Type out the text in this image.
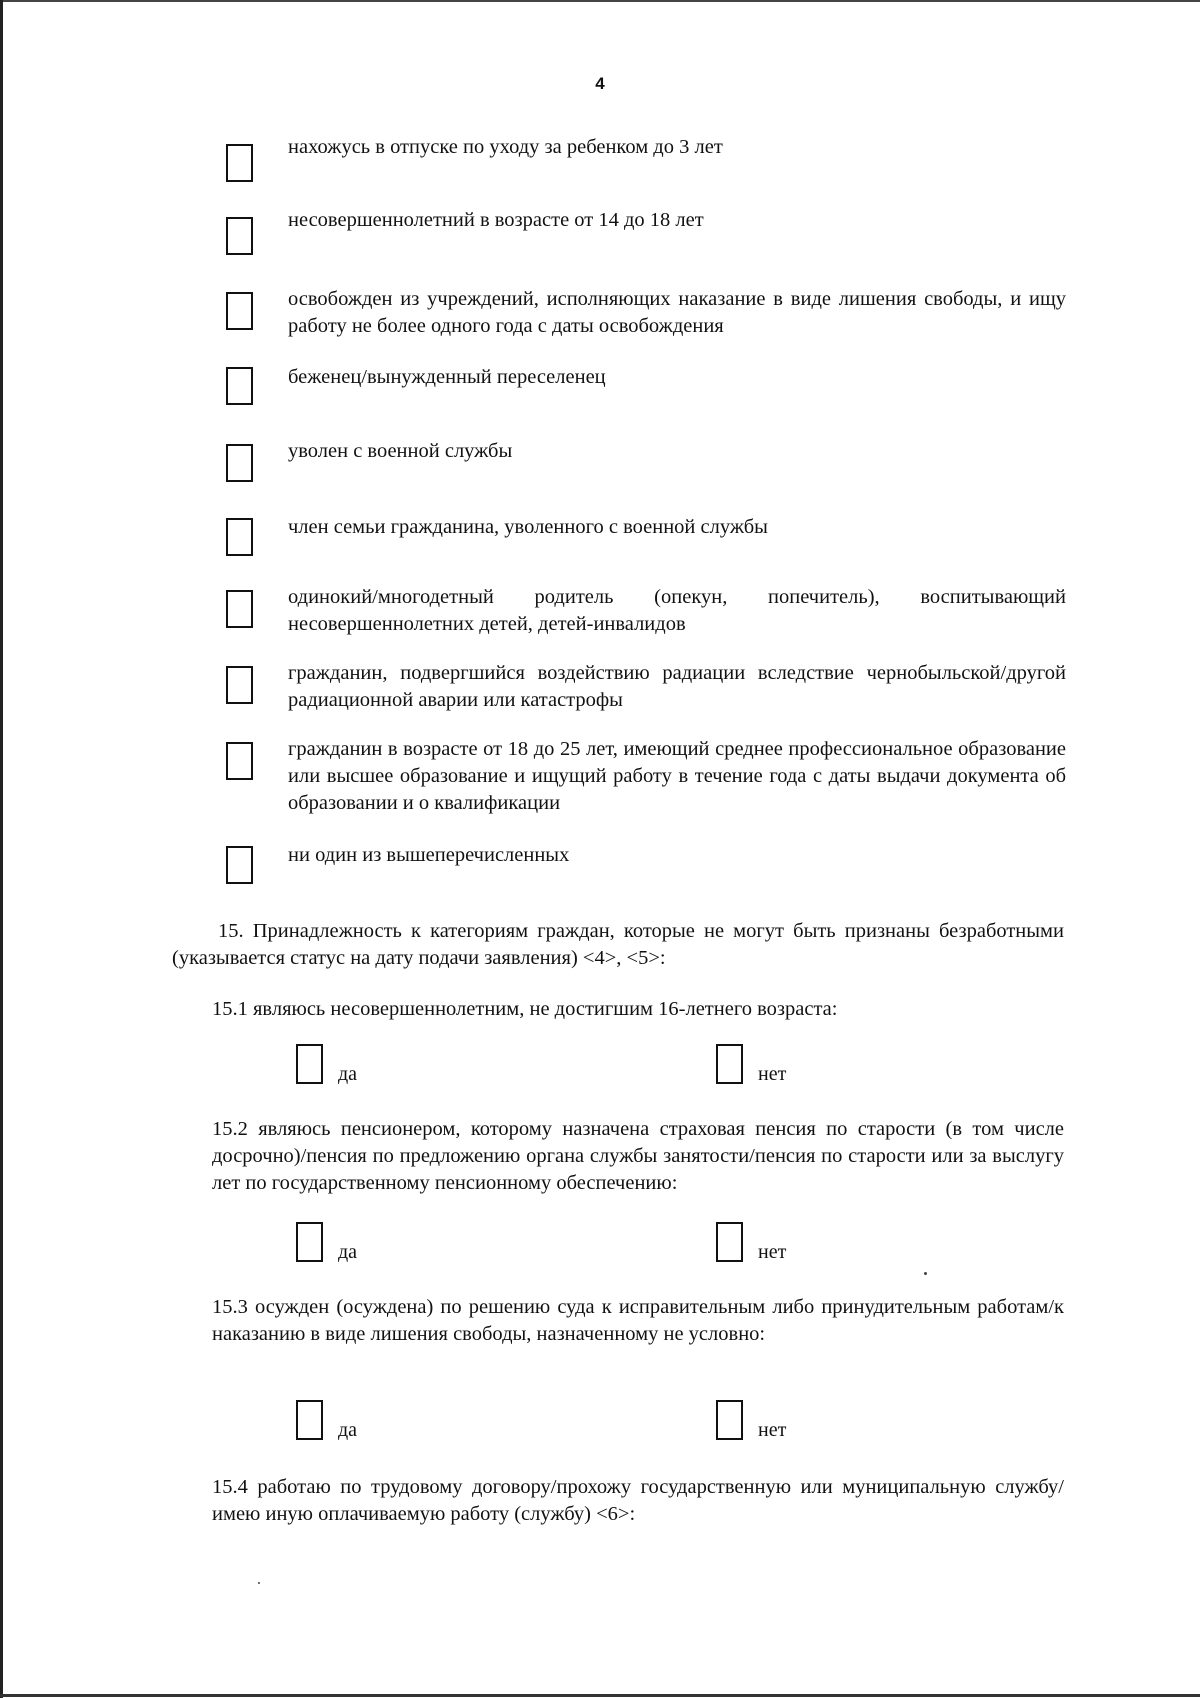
4
нахожусь в отпуске по уходу за ребенком до 3 лет
несовершеннолетний в возрасте от 14 до 18 лет
освобожден из учреждений, исполняющих наказание в виде лишения свободы, и ищу работу не более одного года с даты освобождения
беженец/вынужденный переселенец
уволен с военной службы
член семьи гражданина, уволенного с военной службы
одинокий/многодетный родитель (опекун, попечитель), воспитывающий несовершеннолетних детей, детей-инвалидов
гражданин, подвергшийся воздействию радиации вследствие чернобыльской/другой радиационной аварии или катастрофы
гражданин в возрасте от 18 до 25 лет, имеющий среднее профессиональное образование или высшее образование и ищущий работу в течение года с даты выдачи документа об образовании и о квалификации
ни один из вышеперечисленных
15. Принадлежность к категориям граждан, которые не могут быть признаны безработными (указывается статус на дату подачи заявления) <4>, <5>:
15.1 являюсь несовершеннолетним, не достигшим 16-летнего возраста:
да	нет
15.2 являюсь пенсионером, которому назначена страховая пенсия по старости (в том числе досрочно)/пенсия по предложению органа службы занятости/пенсия по старости или за выслугу лет по государственному пенсионному обеспечению:
да	нет
15.3 осужден (осуждена) по решению суда к исправительным либо принудительным работам/к наказанию в виде лишения свободы, назначенному не условно:
да	нет
15.4 работаю по трудовому договору/прохожу государственную или муниципальную службу/имею иную оплачиваемую работу (службу) <6>:
